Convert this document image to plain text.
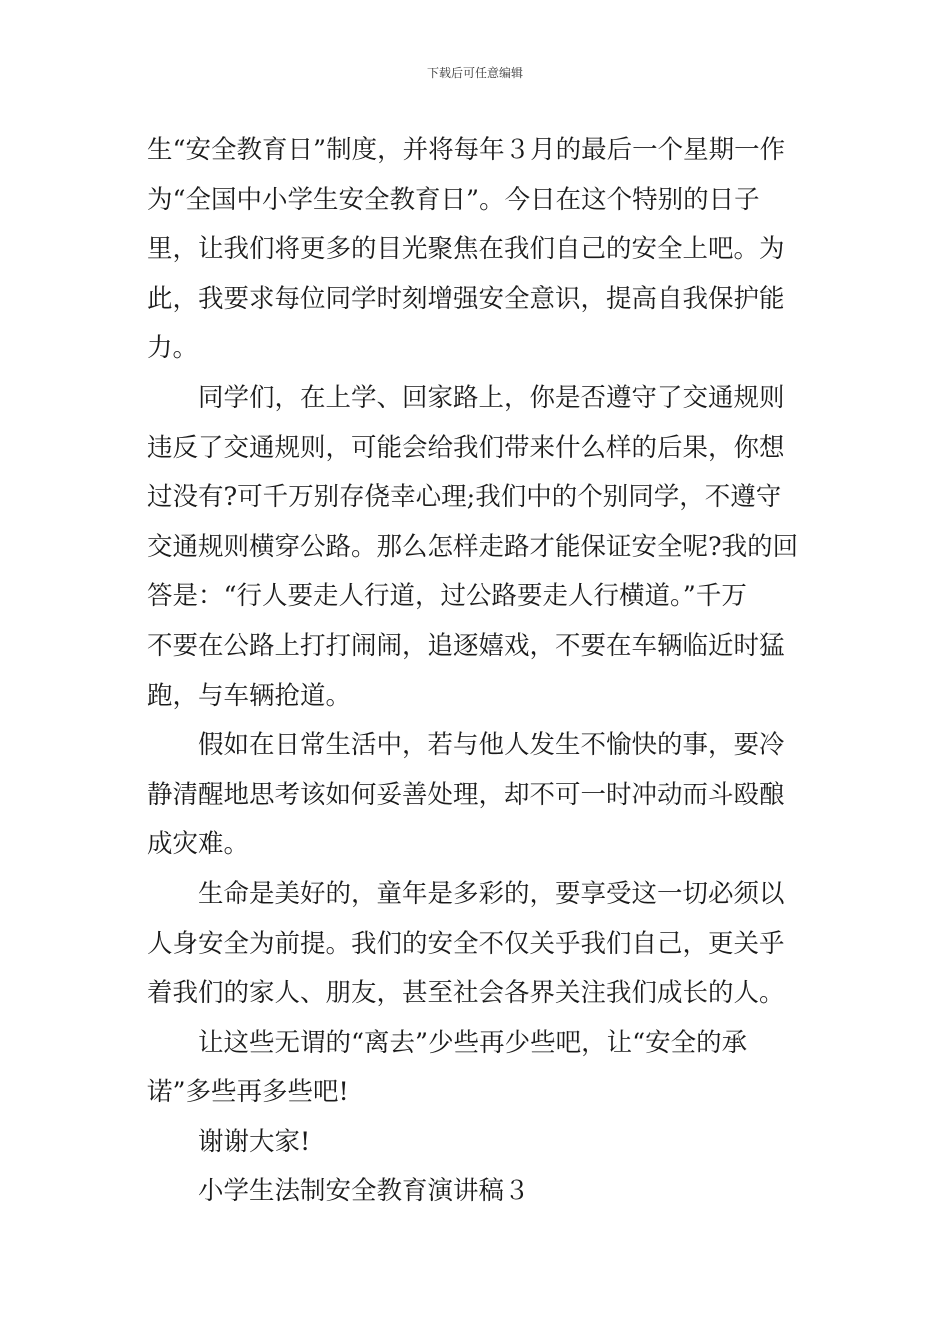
下载后可任意编辑
生“安全教育日”制度，并将每年３月的最后一个星期一作
为“全国中小学生安全教育日”。今日在这个特别的日子
里，让我们将更多的目光聚焦在我们自己的安全上吧。为
此，我要求每位同学时刻增强安全意识，提高自我保护能
力。
同学们，在上学、回家路上，你是否遵守了交通规则
违反了交通规则，可能会给我们带来什么样的后果，你想
过没有?可千万别存侥幸心理;我们中的个别同学，不遵守
交通规则横穿公路。那么怎样走路才能保证安全呢?我的回
答是：“行人要走人行道，过公路要走人行横道。”千万
不要在公路上打打闹闹，追逐嬉戏，不要在车辆临近时猛
跑，与车辆抢道。
假如在日常生活中，若与他人发生不愉快的事，要冷
静清醒地思考该如何妥善处理，却不可一时冲动而斗殴酿
成灾难。
生命是美好的，童年是多彩的，要享受这一切必须以
人身安全为前提。我们的安全不仅关乎我们自己，更关乎
着我们的家人、朋友，甚至社会各界关注我们成长的人。
让这些无谓的“离去”少些再少些吧，让“安全的承
诺”多些再多些吧!
谢谢大家!
小学生法制安全教育演讲稿３
